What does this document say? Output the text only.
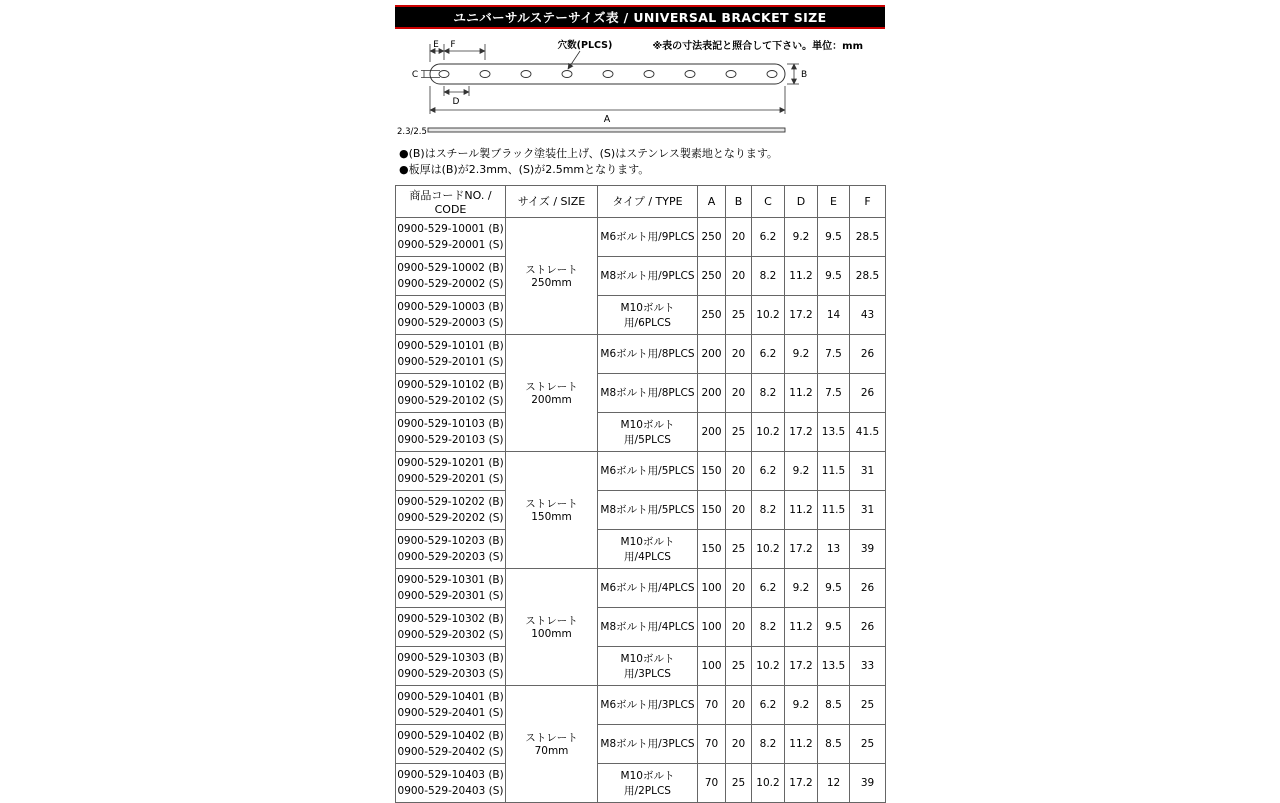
ユニバーサルステーサイズ表 / UNIVERSAL BRACKET SIZE
E F	穴数(PLCS)	※表の寸法表記と照合して下さい。単位：mm
C	B
D
A
2.3/2.5
●(B)はスチール製ブラック塗装仕上げ、(S)はステンレス製素地となります。
●板厚は(B)が2.3mm、(S)が2.5mmとなります。
商品コードNO. / CODE	サイズ / SIZE	タイプ / TYPE	A	B	C	D	E	F

0900-529-10001 (B)
0900-529-20001 (S)	ストレート250mm	M6ボルト用/9PLCS	250	20	6.2	9.2	9.5	28.5

0900-529-10002 (B)
0900-529-20002 (S)		M8ボルト用/9PLCS	250	20	8.2	11.2	9.5	28.5

0900-529-10003 (B)
0900-529-20003 (S)		M10ボルト用/6PLCS	250	25	10.2	17.2	14	43

0900-529-10101 (B)
0900-529-20101 (S)	ストレート200mm	M6ボルト用/8PLCS	200	20	6.2	9.2	7.5	26

0900-529-10102 (B)
0900-529-20102 (S)		M8ボルト用/8PLCS	200	20	8.2	11.2	7.5	26

0900-529-10103 (B)
0900-529-20103 (S)		M10ボルト用/5PLCS	200	25	10.2	17.2	13.5	41.5

0900-529-10201 (B)
0900-529-20201 (S)	ストレート150mm	M6ボルト用/5PLCS	150	20	6.2	9.2	11.5	31

0900-529-10202 (B)
0900-529-20202 (S)		M8ボルト用/5PLCS	150	20	8.2	11.2	11.5	31

0900-529-10203 (B)
0900-529-20203 (S)		M10ボルト用/4PLCS	150	25	10.2	17.2	13	39

0900-529-10301 (B)
0900-529-20301 (S)	ストレート100mm	M6ボルト用/4PLCS	100	20	6.2	9.2	9.5	26

0900-529-10302 (B)
0900-529-20302 (S)		M8ボルト用/4PLCS	100	20	8.2	11.2	9.5	26

0900-529-10303 (B)
0900-529-20303 (S)		M10ボルト用/3PLCS	100	25	10.2	17.2	13.5	33

0900-529-10401 (B)
0900-529-20401 (S)	ストレート 70mm	M6ボルト用/3PLCS	70	20	6.2	9.2	8.5	25

0900-529-10402 (B)
0900-529-20402 (S)		M8ボルト用/3PLCS	70	20	8.2	11.2	8.5	25

0900-529-10403 (B)
0900-529-20403 (S)		M10ボルト用/2PLCS	70	25	10.2	17.2	12	39
